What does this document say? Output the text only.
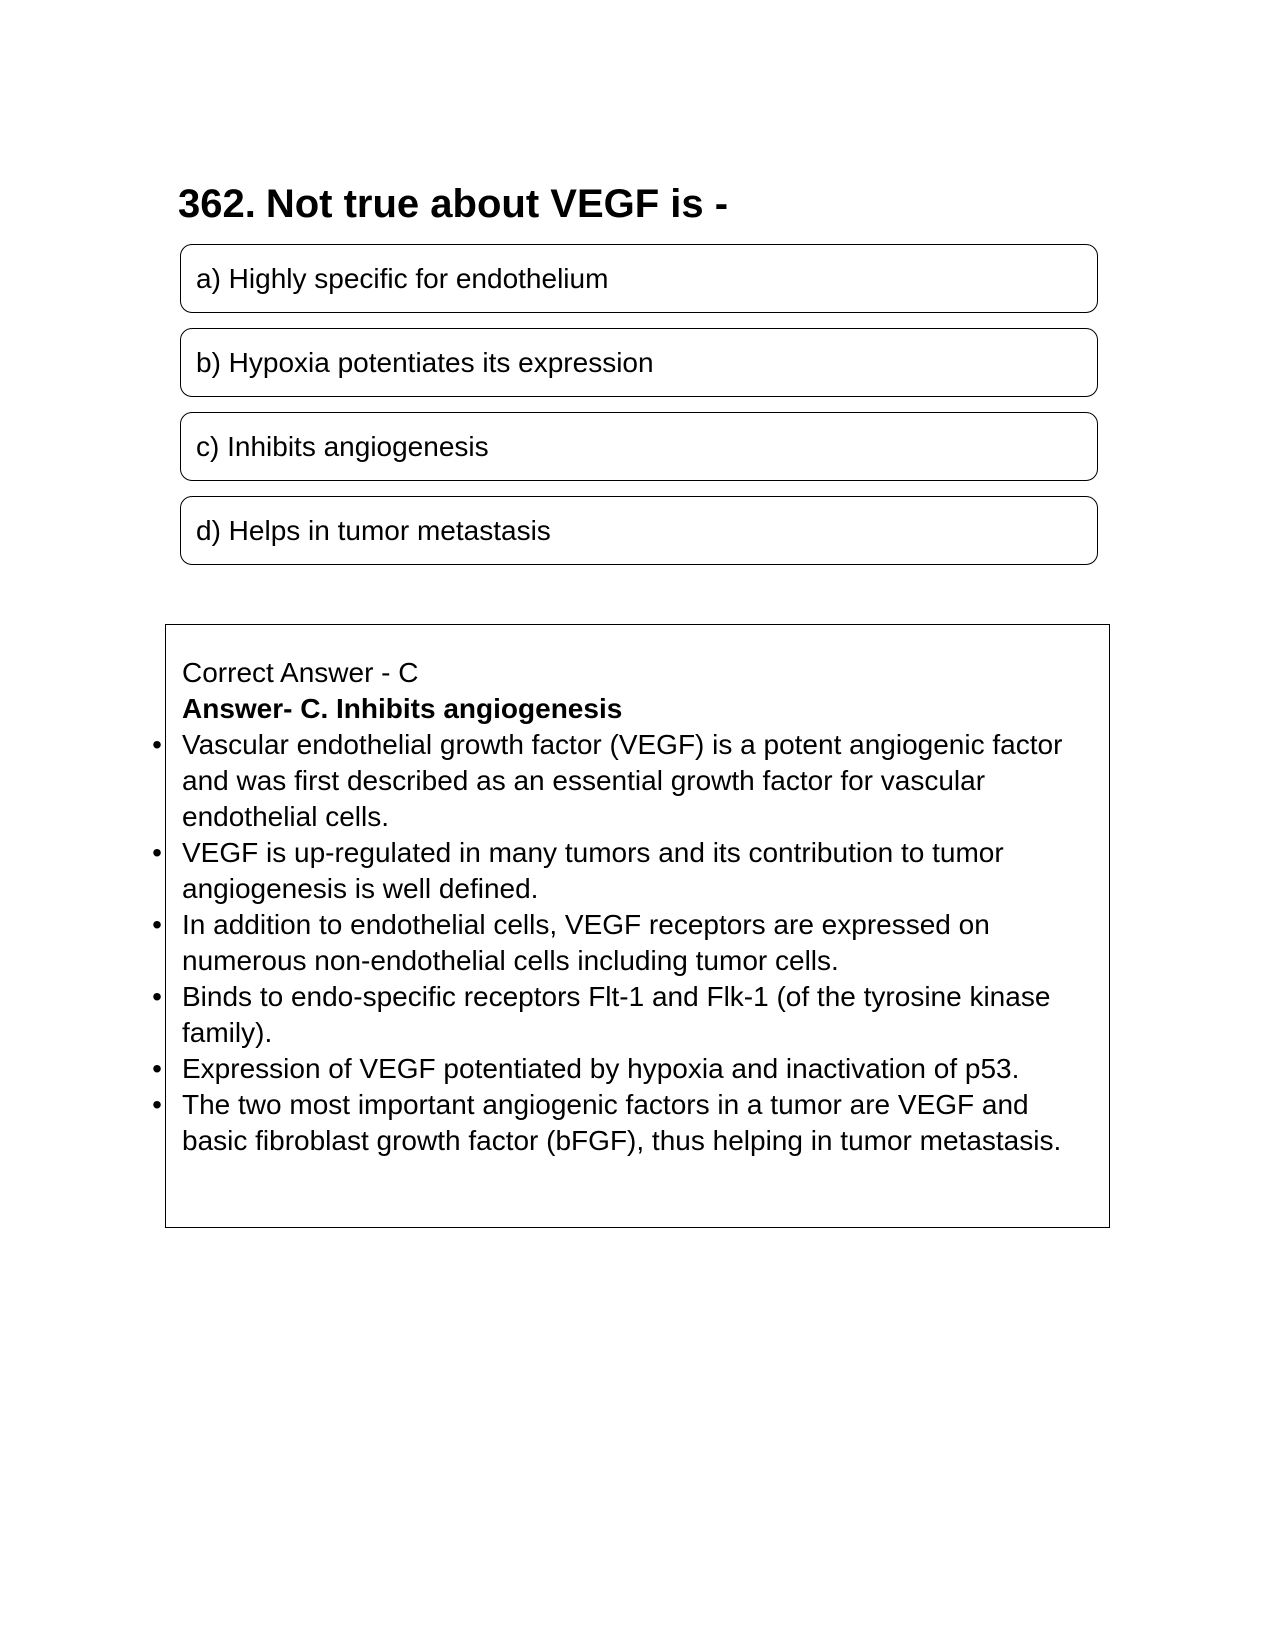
362. Not true about VEGF is -
a) Highly specific for endothelium
b) Hypoxia potentiates its expression
c) Inhibits angiogenesis
d) Helps in tumor metastasis
Correct Answer - C
Answer- C. Inhibits angiogenesis
• Vascular endothelial growth factor (VEGF) is a potent angiogenic factor and was first described as an essential growth factor for vascular endothelial cells.
• VEGF is up-regulated in many tumors and its contribution to tumor angiogenesis is well defined.
• In addition to endothelial cells, VEGF receptors are expressed on numerous non-endothelial cells including tumor cells.
• Binds to endo-specific receptors Flt-1 and Flk-1 (of the tyrosine kinase family).
• Expression of VEGF potentiated by hypoxia and inactivation of p53.
• The two most important angiogenic factors in a tumor are VEGF and basic fibroblast growth factor (bFGF), thus helping in tumor metastasis.
